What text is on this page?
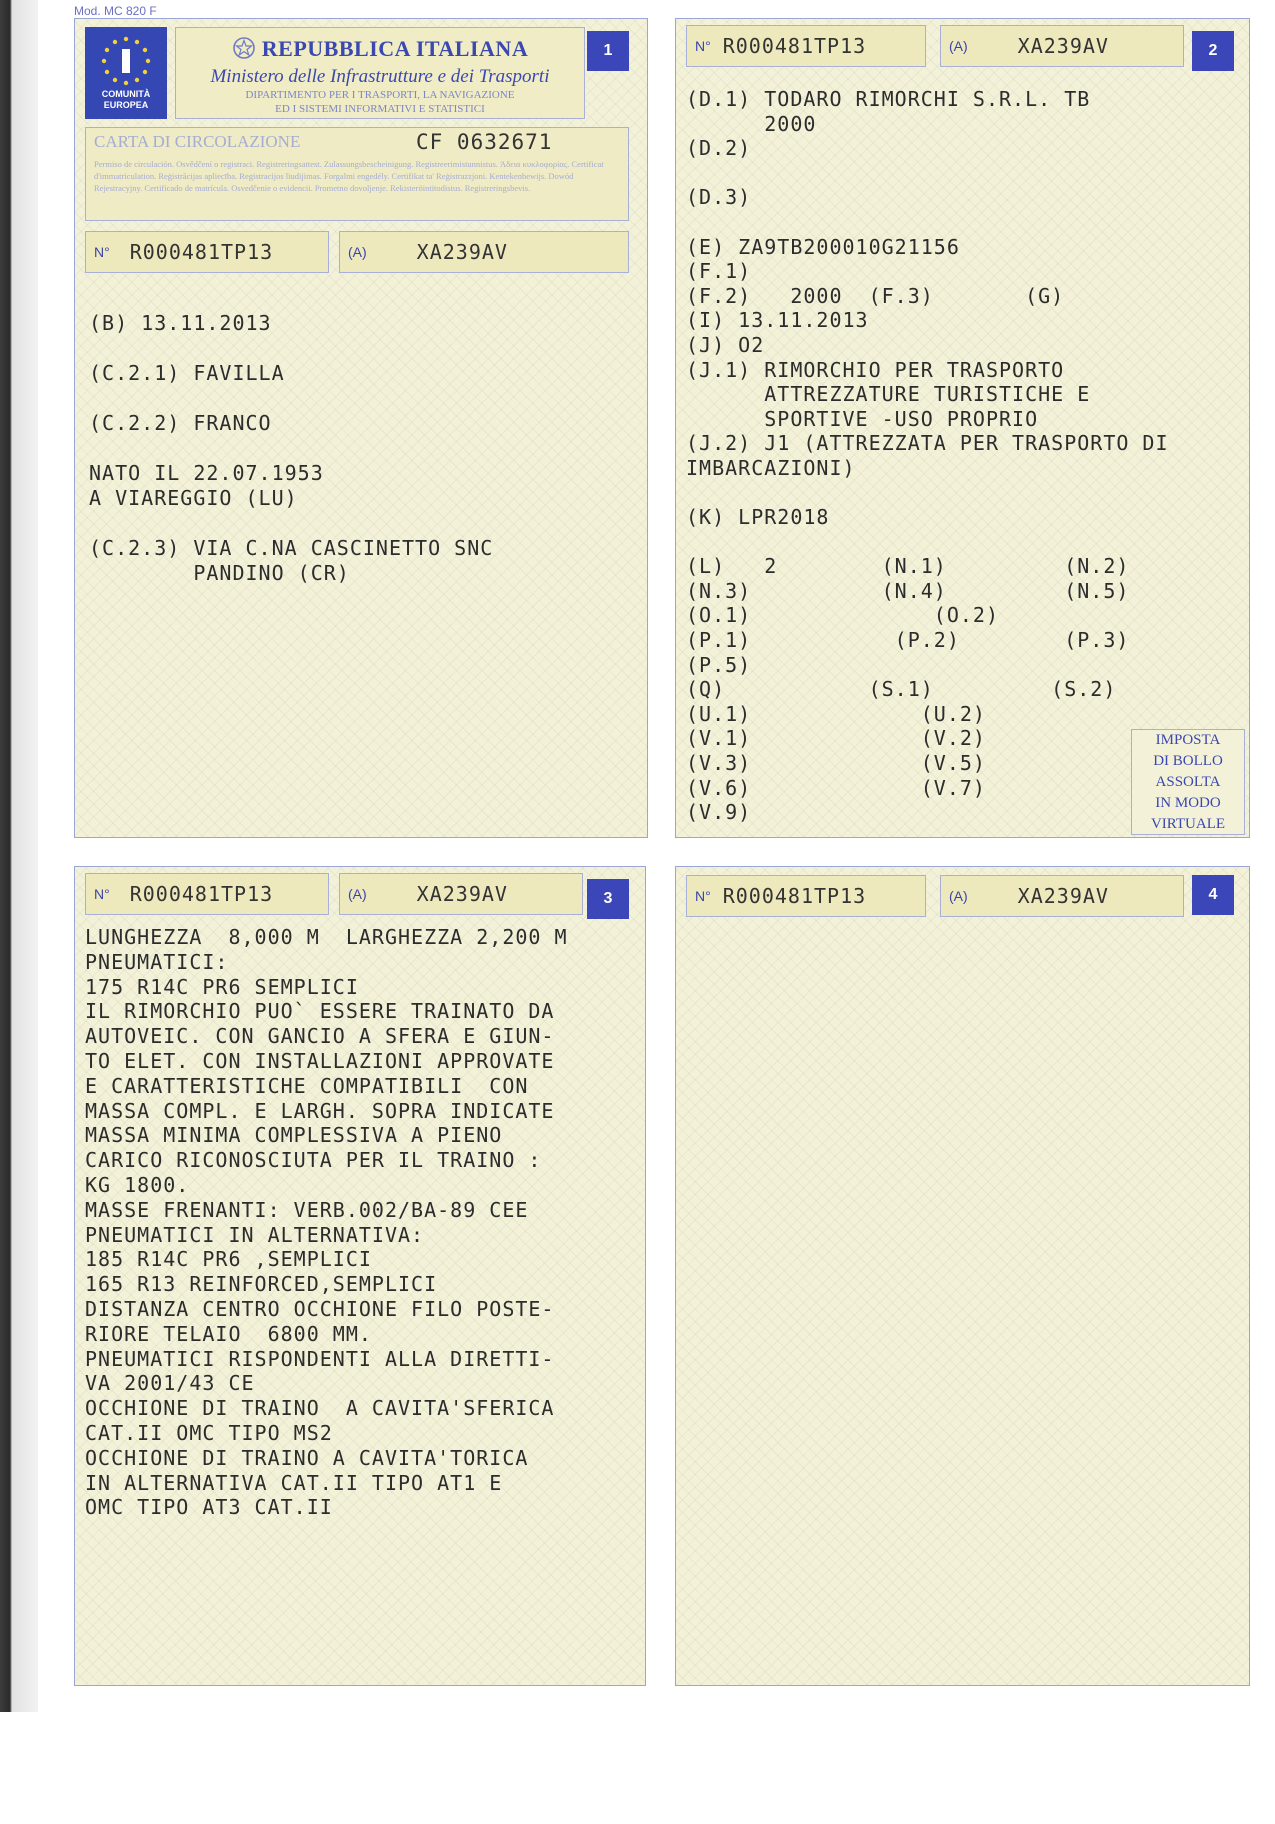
Mod. MC 820 F
COMUNITÀ
EUROPEA
REPUBBLICA ITALIANA
Ministero delle Infrastrutture e dei Trasporti
DIPARTIMENTO PER I TRASPORTI, LA NAVIGAZIONE
ED I SISTEMI INFORMATIVI E STATISTICI
CARTA DI CIRCOLAZIONE	CF 0632671
Permiso de circulación. Osvědčení o registraci. Registreringsattest. Zulassungsbescheinigung. Registreerimistunnistus. Άδεια κυκλοφορίας. Certificat d'immatriculation. Reģistrācijas apliecība. Registracijos liudijimas. Forgalmi engedély. Certifikat ta' Reġistrazzjoni. Kentekenbewijs. Dowód Rejestracyjny. Certificado de matrícula. Osvedčenie o evidencii. Prometno dovoljenje. Rekisteröintitodistus. Registreringsbevis.
1
N° R000481TP13	(A)	XA239AV
(B) 13.11.2013

(C.2.1) FAVILLA

(C.2.2) FRANCO

NATO IL 22.07.1953
A VIAREGGIO (LU)

(C.2.3) VIA C.NA CASCINETTO SNC
PANDINO (CR)
N° R000481TP13	(A)	XA239AV	2
(D.1) TODARO RIMORCHI S.R.L. TB
2000
(D.2)

(D.3)

(E) ZA9TB200010G21156
(F.1)
(F.2)   2000  (F.3)       (G)
(I) 13.11.2013
(J) O2
(J.1) RIMORCHIO PER TRASPORTO
ATTREZZATURE TURISTICHE E
SPORTIVE -USO PROPRIO
(J.2) J1 (ATTREZZATA PER TRASPORTO DI
IMBARCAZIONI)

(K) LPR2018

(L)   2        (N.1)         (N.2)
(N.3)          (N.4)         (N.5)
(O.1)              (O.2)
(P.1)           (P.2)        (P.3)
(P.5)
(Q)           (S.1)         (S.2)
(U.1)             (U.2)
(V.1)             (V.2)
(V.3)             (V.5)
(V.6)             (V.7)
(V.9)
IMPOSTA
DI BOLLO
ASSOLTA
IN MODO
VIRTUALE
N° R000481TP13	(A)	XA239AV	3
LUNGHEZZA  8,000 M  LARGHEZZA 2,200 M
PNEUMATICI:
175 R14C PR6 SEMPLICI
IL RIMORCHIO PUO` ESSERE TRAINATO DA
AUTOVEIC. CON GANCIO A SFERA E GIUN-
TO ELET. CON INSTALLAZIONI APPROVATE
E CARATTERISTICHE COMPATIBILI  CON
MASSA COMPL. E LARGH. SOPRA INDICATE
MASSA MINIMA COMPLESSIVA A PIENO
CARICO RICONOSCIUTA PER IL TRAINO :
KG 1800.
MASSE FRENANTI: VERB.002/BA-89 CEE
PNEUMATICI IN ALTERNATIVA:
185 R14C PR6 ,SEMPLICI
165 R13 REINFORCED,SEMPLICI
DISTANZA CENTRO OCCHIONE FILO POSTE-
RIORE TELAIO  6800 MM.
PNEUMATICI RISPONDENTI ALLA DIRETTI-
VA 2001/43 CE
OCCHIONE DI TRAINO  A CAVITA'SFERICA
CAT.II OMC TIPO MS2
OCCHIONE DI TRAINO A CAVITA'TORICA
IN ALTERNATIVA CAT.II TIPO AT1 E
OMC TIPO AT3 CAT.II
N° R000481TP13	(A)	XA239AV	4
